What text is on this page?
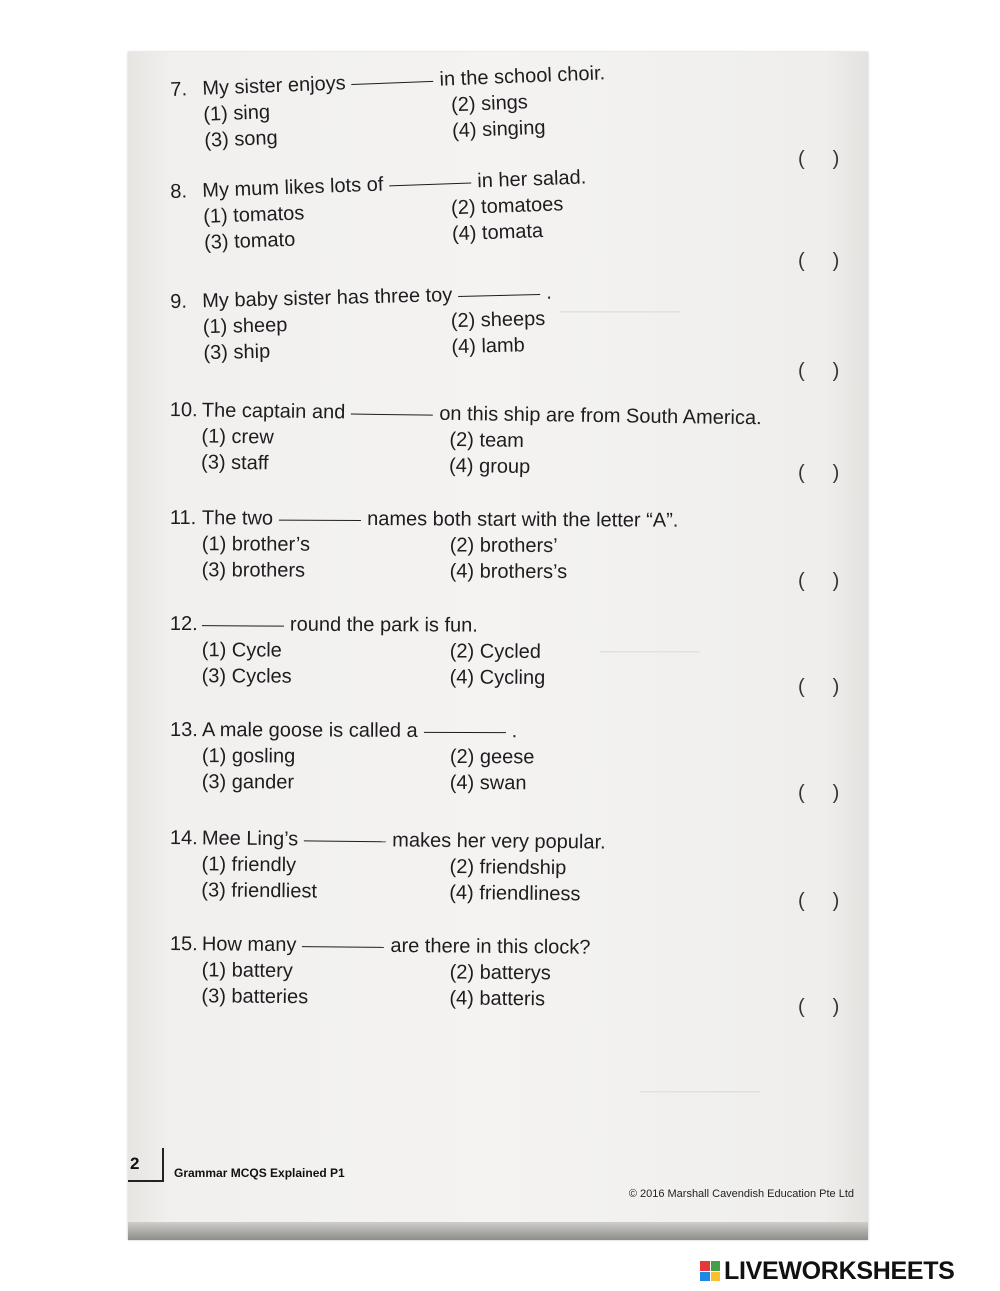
——————
—————
——————
7. My sister enjoys	in the school choir.
(1) sing	(2) sings
(3) song	(4) singing
( )
8. My mum likes lots of	in her salad.
(1) tomatos	(2) tomatoes
(3) tomato	(4) tomata
( )
9. My baby sister has three toy	.
(1) sheep	(2) sheeps
(3) ship	(4) lamb
( )
10. The captain and	on this ship are from South America.
(1) crew	(2) team
(3) staff	(4) group	( )
11. The two	names both start with the letter “A”.
(1) brother’s	(2) brothers’
(3) brothers	(4) brothers’s	( )
12.	round the park is fun.
(1) Cycle	(2) Cycled
(3) Cycles	(4) Cycling	( )
13. A male goose is called a	.
(1) gosling	(2) geese
(3) gander	(4) swan	( )
14. Mee Ling’s	makes her very popular.
(1) friendly	(2) friendship
(3) friendliest	(4) friendliness	( )
15. How many	are there in this clock?
(1) battery	(2) batterys
(3) batteries	(4) batteris	( )
2	Grammar MCQS Explained P1
© 2016 Marshall Cavendish Education Pte Ltd
LIVEWORKSHEETS
